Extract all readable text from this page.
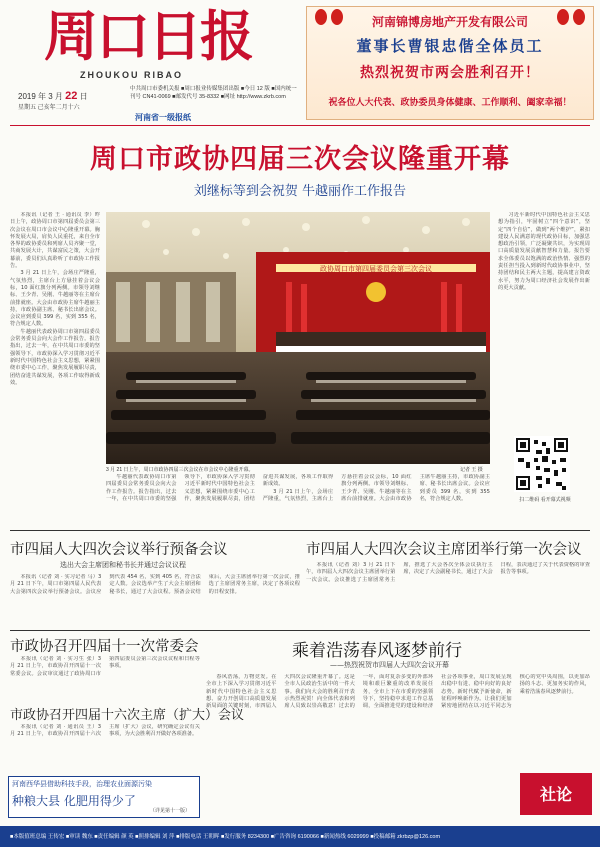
周口日报
ZHOUKOU RIBAO
2019 年 3 月 22 日
星期五 己亥年二月十六
中共周口市委机关报 ■周口报业传媒集团出版 ■今日 12 版 ■国内统一刊号 CN41-0069 ■邮发代号 35-8332 ■网址 http://www.zkrb.com
河南省一级报纸
河南锦博房地产开发有限公司
董事长曹银忠偕全体员工
热烈祝贺市两会胜利召开！
祝各位人大代表、政协委员身体健康、工作顺利、阖家幸福！
周口市政协四届三次会议隆重开幕
刘继标等到会祝贺 牛越丽作工作报告

本报讯（记者 王 · 通讯员 李）昨日上午，政协周口市第四届委员会第三次会议在周口市会议中心隆重开幕。胸怀发展大局，肩负人民重托，来自全市各界的政协委员和列席人员齐聚一堂，共商发展大计，共谋富民之策，大会开幕前，委员们认真聆听了市政协工作报告。

3 月 21 日上午，会场庄严隆重，气氛热烈，主席台上方悬挂着会议会标，10 面红旗分列两侧。市领导刘继标、王少青、吴刚、牛越丽等在主席台前排就座。大会由市政协主席牛越丽主持，市政协副主席、秘书长出席会议。会议应到委员 399 名，实到 355 名，符合规定人数。

牛越丽代表政协周口市第四届委员会常务委员会向大会作工作报告。报告指出，过去一年，在中共周口市委的坚强领导下，市政协深入学习贯彻习近平新时代中国特色社会主义思想，紧紧围绕市委中心工作，聚焦发展履职尽责，团结奋进共谋发展，各项工作取得新成效。

政协周口市第四届委员会第三次会议
3 月 21 日上午，周口市政协四届三次会议在市会议中心隆重开幕。	记者 王 摄

习近平新时代中国特色社会主义思想为指引，牢固树立“四个意识”，坚定“四个自信”，做到“两个维护”，紧扣建设人民满意的现代政协目标，加强思想政治引领，广泛凝聚共识，为实现周口高质量发展贡献智慧和力量。报告要求全体委员以饱满的政治热情、强烈的责任担当投入到新时代政协事业中，坚持团结和民主两大主题，提高建言资政水平，努力为周口经济社会发展作出新的更大贡献。

牛越丽代表政协周口市第四届委员会常务委员会向大会作工作报告。报告指出，过去一年，在中共周口市委的坚强领导下，市政协深入学习贯彻习近平新时代中国特色社会主义思想，紧紧围绕市委中心工作，聚焦发展履职尽责，团结奋进共谋发展，各项工作取得新成效。

3 月 21 日上午，会场庄严隆重，气氛热烈，主席台上方悬挂着会议会标，10 面红旗分列两侧。市领导刘继标、王少青、吴刚、牛越丽等在主席台前排就座。大会由市政协主席牛越丽主持，市政协副主席、秘书长出席会议。会议应到委员 399 名，实到 355 名，符合规定人数。	扫二维码 看开幕式视频
市四届人大四次会议举行预备会议
选出大会主席团和秘书长并通过会议议程

本报讯（记者 刘 · 实习记者 马）3 月 21 日下午，周口市第四届人民代表大会第四次会议举行预备会议。会议应到代表 454 名，实到 405 名，符合法定人数。会议选举产生了大会主席团和秘书长，通过了大会议程。预备会议结束后，大会主席团举行第一次会议，推选了主席团常务主席，决定了各项议程的日程安排。

市四届人大四次会议主席团举行第一次会议

本报讯（记者 刘）3 月 21 日下午，市四届人大四次会议主席团举行第一次会议。会议推选了主席团常务主席，推选了大会各次全体会议执行主席，决定了大会副秘书长，通过了大会日程，表决通过了关于代表资格的审查报告等事项。

市政协召开四届十一次常委会

本报讯（记者 刘 · 实习生 张）3 月 21 日上午，市政协召开四届十一次常委会议。会议审议通过了政协周口市第四届委员会第三次会议议程和日程等事项。

市政协召开四届十六次主席（扩大）会议

本报讯（记者 刘 · 通讯员 王）3 月 21 日上午，市政协召开四届十六次主席（扩大）会议，研究确定会议有关事项，为大会胜利召开做好各项准备。

乘着浩荡春风逐梦前行
——热烈祝贺市四届人大四次会议开幕

春风浩荡，万物竞发。在全市上下深入学习贯彻习近平新时代中国特色社会主义思想、奋力开创周口高质量发展新局面的关键时刻，市四届人大四次会议隆重开幕了。这是全市人民政治生活中的一件大事。我们向大会的胜利召开表示热烈祝贺！向全体代表和列席人员致以崇高敬意！过去的一年，面对复杂多变的外部环境和艰巨繁重的改革发展任务，全市上下在市委的坚强领导下，坚持稳中求进工作总基调，全面推进党的建设和经济社会各项事业，周口发展呈现出稳中有进、稳中向好的良好态势。新时代赋予新使命，新征程呼唤新作为。让我们更加紧密地团结在以习近平同志为核心的党中央周围，以更加昂扬的斗志、更加务实的作风，乘着浩荡春风逐梦前行。

河南西华县借助科技手段，治理农业面源污染
种粮大县 化肥用得少了
（详见第十一版）
社论
■本版值班总编 王传宏 ■审读 魏东 ■责任编辑 颜 英 ■照排编辑 刘 萍 ■排版电话 王朝晖 ■发行服务 8234300 ■广告咨询 6190066 ■新闻热线 6029999 ■投稿邮箱 zkrbzp@126.com
